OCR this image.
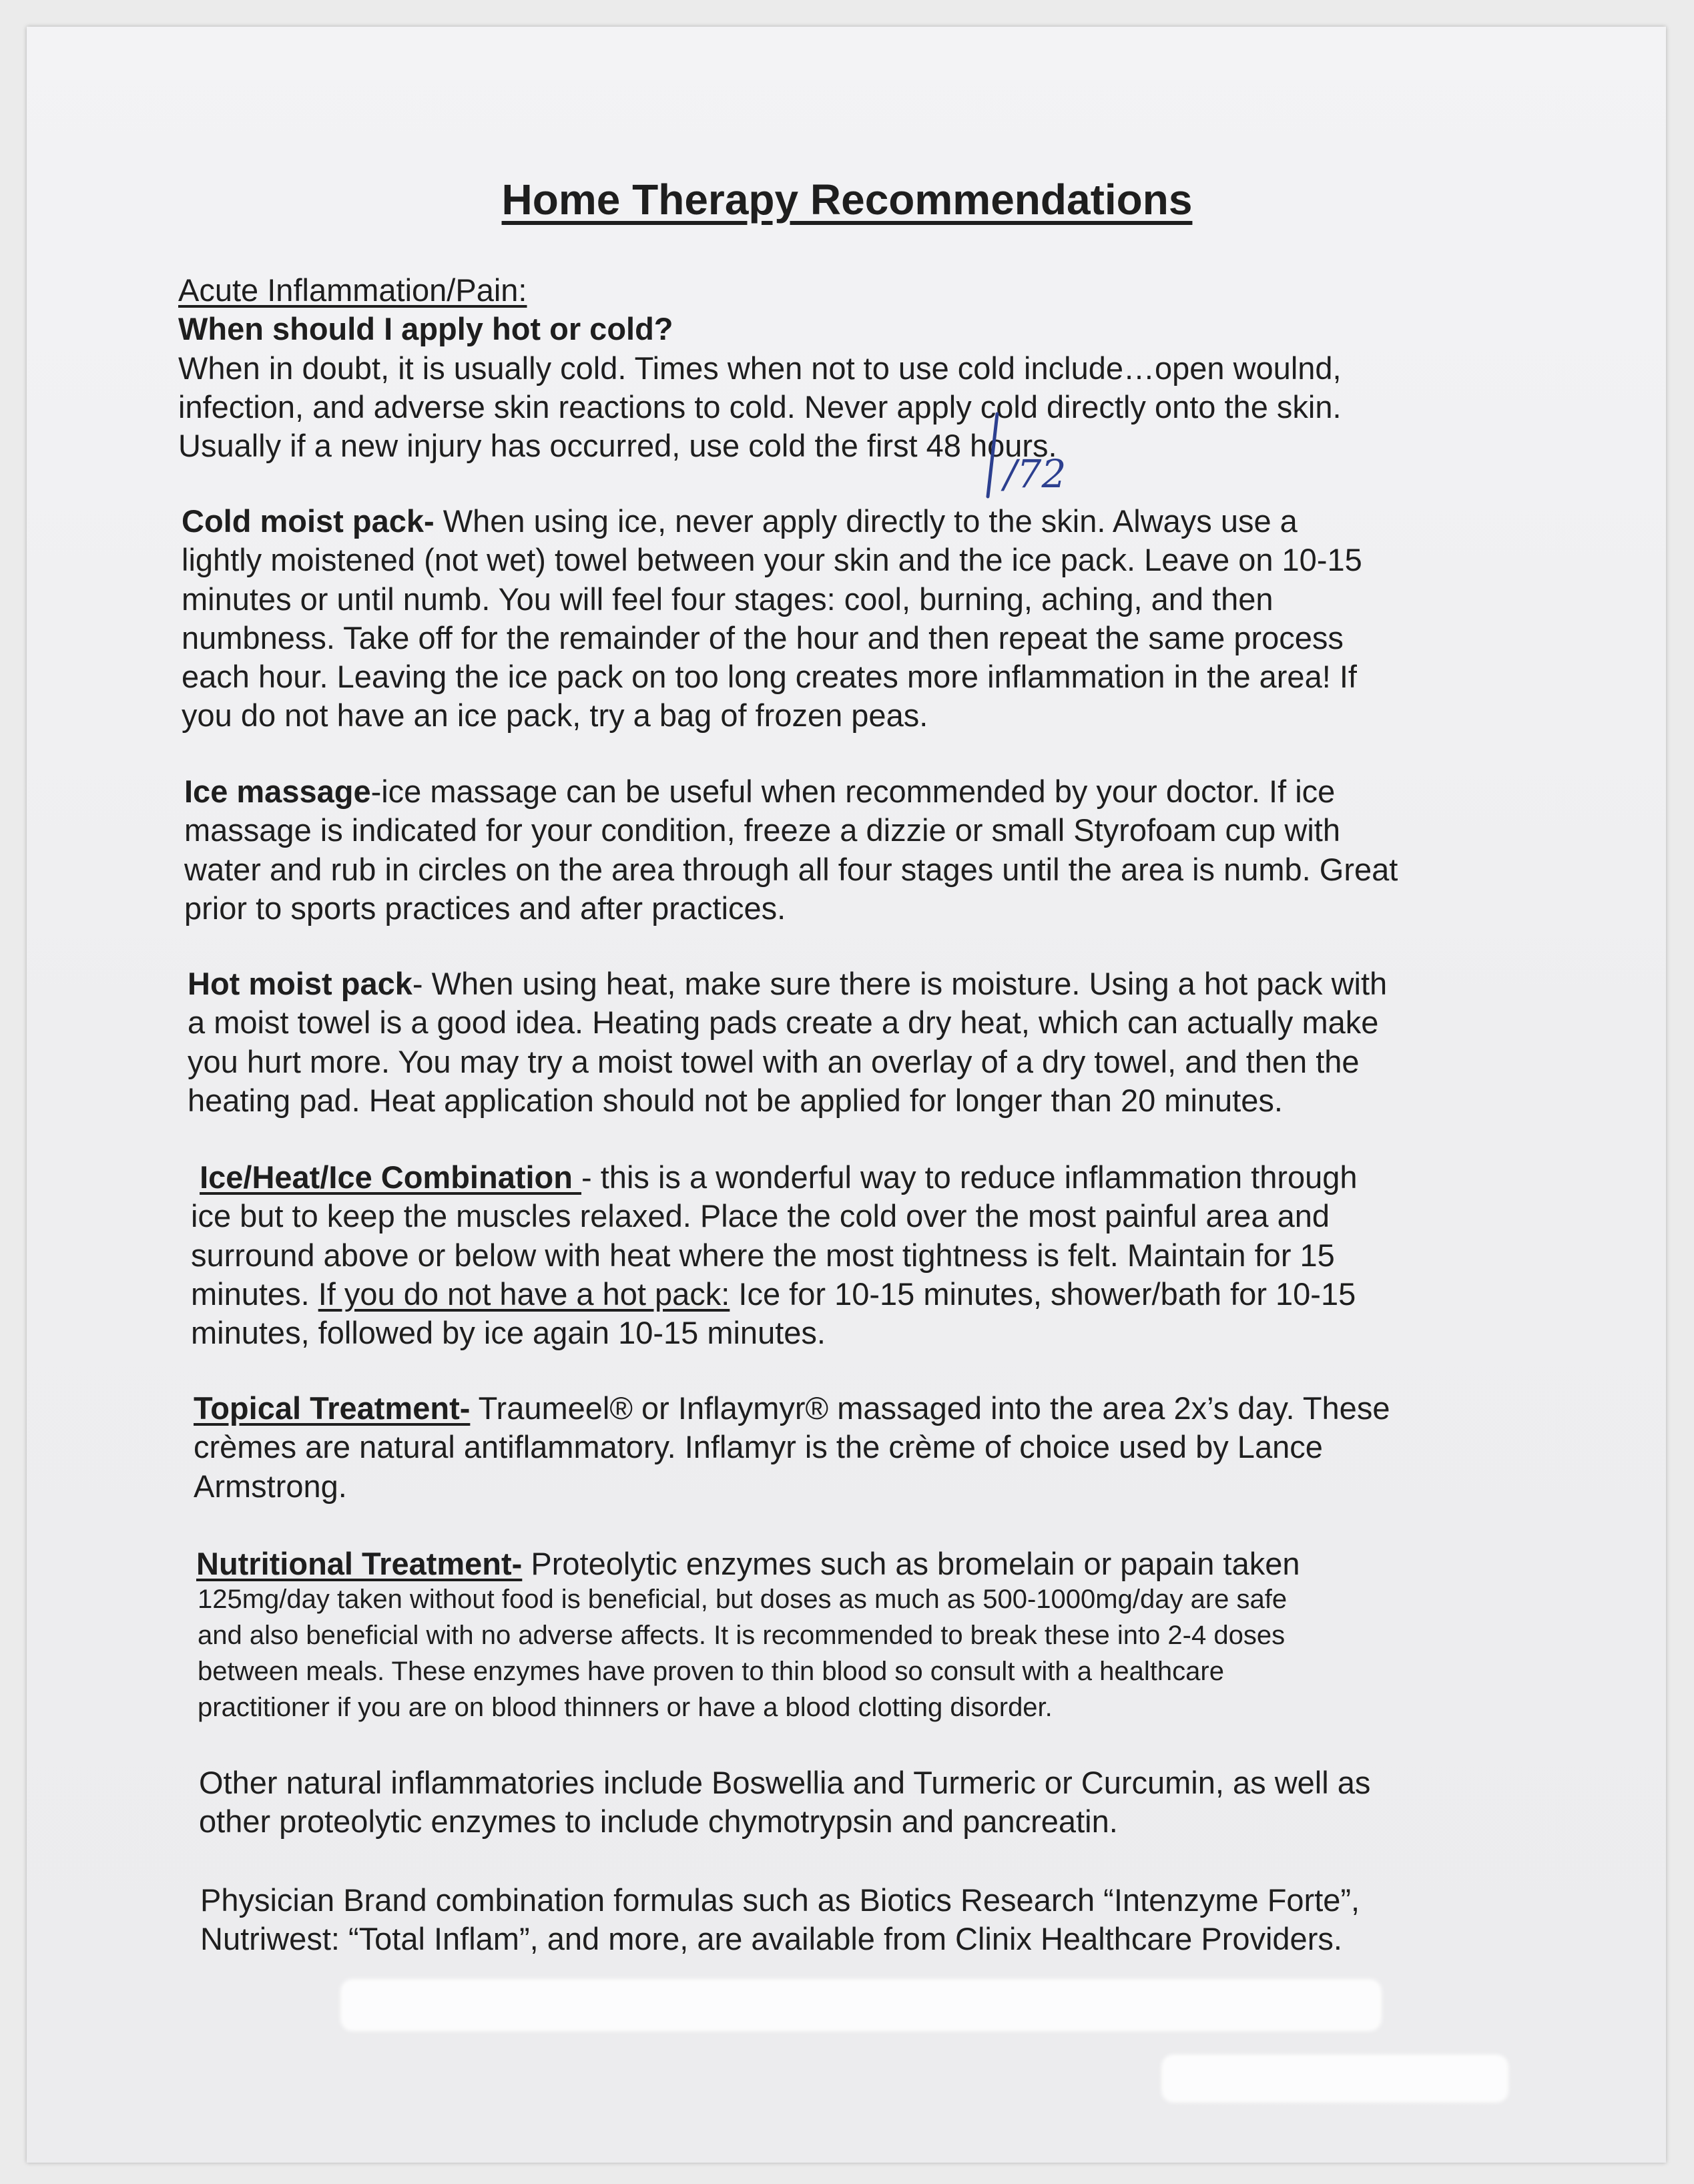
Home Therapy Recommendations
Acute Inflammation/Pain:
When should I apply hot or cold?
When in doubt, it is usually cold. Times when not to use cold include…open woulnd,
infection, and adverse skin reactions to cold. Never apply cold directly onto the skin.
Usually if a new injury has occurred, use cold the first 48 hours.
/72
Cold moist pack- When using ice, never apply directly to the skin. Always use a
lightly moistened (not wet) towel between your skin and the ice pack. Leave on 10-15
minutes or until numb. You will feel four stages: cool, burning, aching, and then
numbness. Take off for the remainder of the hour and then repeat the same process
each hour. Leaving the ice pack on too long creates more inflammation in the area! If
you do not have an ice pack, try a bag of frozen peas.
Ice massage-ice massage can be useful when recommended by your doctor. If ice
massage is indicated for your condition, freeze a dizzie or small Styrofoam cup with
water and rub in circles on the area through all four stages until the area is numb. Great
prior to sports practices and after practices.
Hot moist pack- When using heat, make sure there is moisture. Using a hot pack with
a moist towel is a good idea. Heating pads create a dry heat, which can actually make
you hurt more. You may try a moist towel with an overlay of a dry towel, and then the
heating pad. Heat application should not be applied for longer than 20 minutes.
Ice/Heat/Ice Combination - this is a wonderful way to reduce inflammation through
ice but to keep the muscles relaxed. Place the cold over the most painful area and
surround above or below with heat where the most tightness is felt. Maintain for 15
minutes. If you do not have a hot pack: Ice for 10-15 minutes, shower/bath for 10-15
minutes, followed by ice again 10-15 minutes.
Topical Treatment- Traumeel® or Inflaymyr® massaged into the area 2x’s day. These
crèmes are natural antiflammatory. Inflamyr is the crème of choice used by Lance
Armstrong.
Nutritional Treatment- Proteolytic enzymes such as bromelain or papain taken
125mg/day taken without food is beneficial, but doses as much as 500-1000mg/day are safe
and also beneficial with no adverse affects. It is recommended to break these into 2-4 doses
between meals. These enzymes have proven to thin blood so consult with a healthcare
practitioner if you are on blood thinners or have a blood clotting disorder.
Other natural inflammatories include Boswellia and Turmeric or Curcumin, as well as
other proteolytic enzymes to include chymotrypsin and pancreatin.
Physician Brand combination formulas such as Biotics Research “Intenzyme Forte”,
Nutriwest: “Total Inflam”, and more, are available from Clinix Healthcare Providers.
